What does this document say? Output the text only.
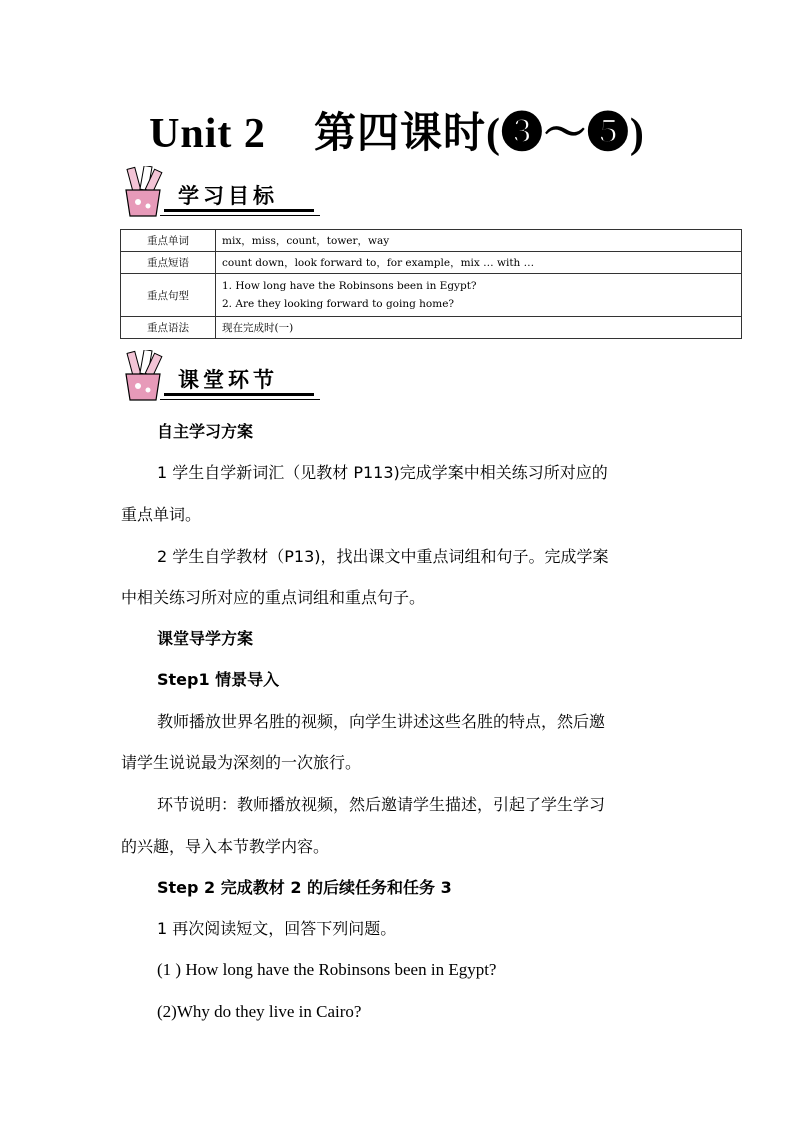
Unit 2 第四课时(❸～❺)
学习目标
重点单词	mix，miss，count，tower，way
重点短语	count down，look forward to，for example，mix … with …
重点句型	1. How long have the Robinsons been in Egypt?
2. Are they looking forward to going home?

重点语法	现在完成时(一)
课堂环节
自主学习方案
1 学生自学新词汇（见教材 P113)完成学案中相关练习所对应的
重点单词。
2 学生自学教材（P13)，找出课文中重点词组和句子。完成学案
中相关练习所对应的重点词组和重点句子。
课堂导学方案
Step1 情景导入
教师播放世界名胜的视频，向学生讲述这些名胜的特点，然后邀
请学生说说最为深刻的一次旅行。
环节说明：教师播放视频，然后邀请学生描述，引起了学生学习
的兴趣，导入本节教学内容。
Step 2 完成教材 2 的后续任务和任务 3
1 再次阅读短文，回答下列问题。
(1 ) How long have the Robinsons been in Egypt?
(2)Why do they live in Cairo?
